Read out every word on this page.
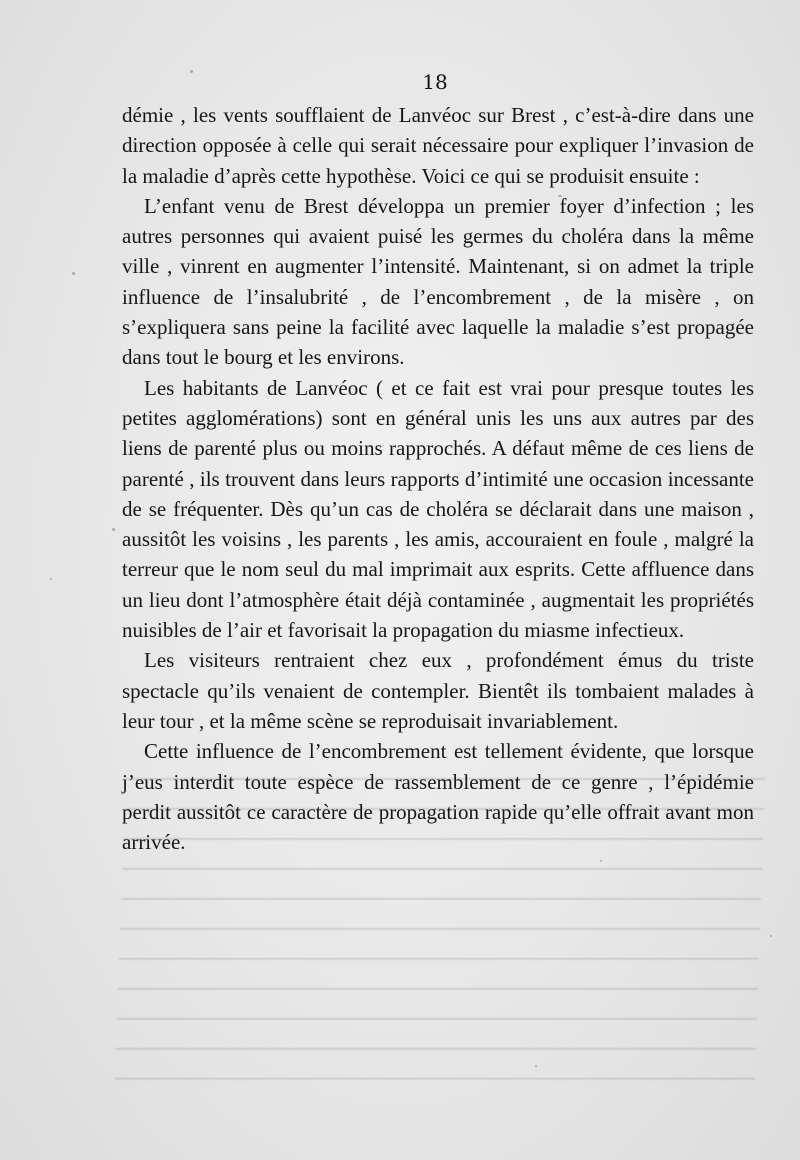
18

démie , les vents soufflaient de Lanvéoc sur Brest , c’est-à-dire dans une direction opposée à celle qui serait nécessaire pour expliquer l’invasion de la maladie d’après cette hypothèse. Voici ce qui se produisit ensuite :

L’enfant venu de Brest développa un premier foyer d’infection ; les autres personnes qui avaient puisé les germes du choléra dans la même ville , vinrent en augmenter l’intensité. Maintenant, si on admet la triple influence de l’insalubrité , de l’encombrement , de la misère , on s’expliquera sans peine la facilité avec laquelle la maladie s’est propagée dans tout le bourg et les environs.

Les habitants de Lanvéoc ( et ce fait est vrai pour presque toutes les petites agglomérations) sont en général unis les uns aux autres par des liens de parenté plus ou moins rapprochés. A défaut même de ces liens de parenté , ils trouvent dans leurs rapports d’intimité une occasion incessante de se fréquenter. Dès qu’un cas de choléra se déclarait dans une maison , aussitôt les voisins , les parents , les amis, accouraient en foule , malgré la terreur que le nom seul du mal imprimait aux esprits. Cette affluence dans un lieu dont l’atmosphère était déjà contaminée , augmentait les propriétés nuisibles de l’air et favorisait la propagation du miasme infectieux.

Les visiteurs rentraient chez eux , profondément émus du triste spectacle qu’ils venaient de contempler. Bientêt ils tombaient malades à leur tour , et la même scène se reproduisait invariablement.

Cette influence de l’encombrement est tellement évidente, que lorsque j’eus interdit toute espèce de rassemblement de ce genre , l’épidémie perdit aussitôt ce caractère de propagation rapide qu’elle offrait avant mon arrivée.
